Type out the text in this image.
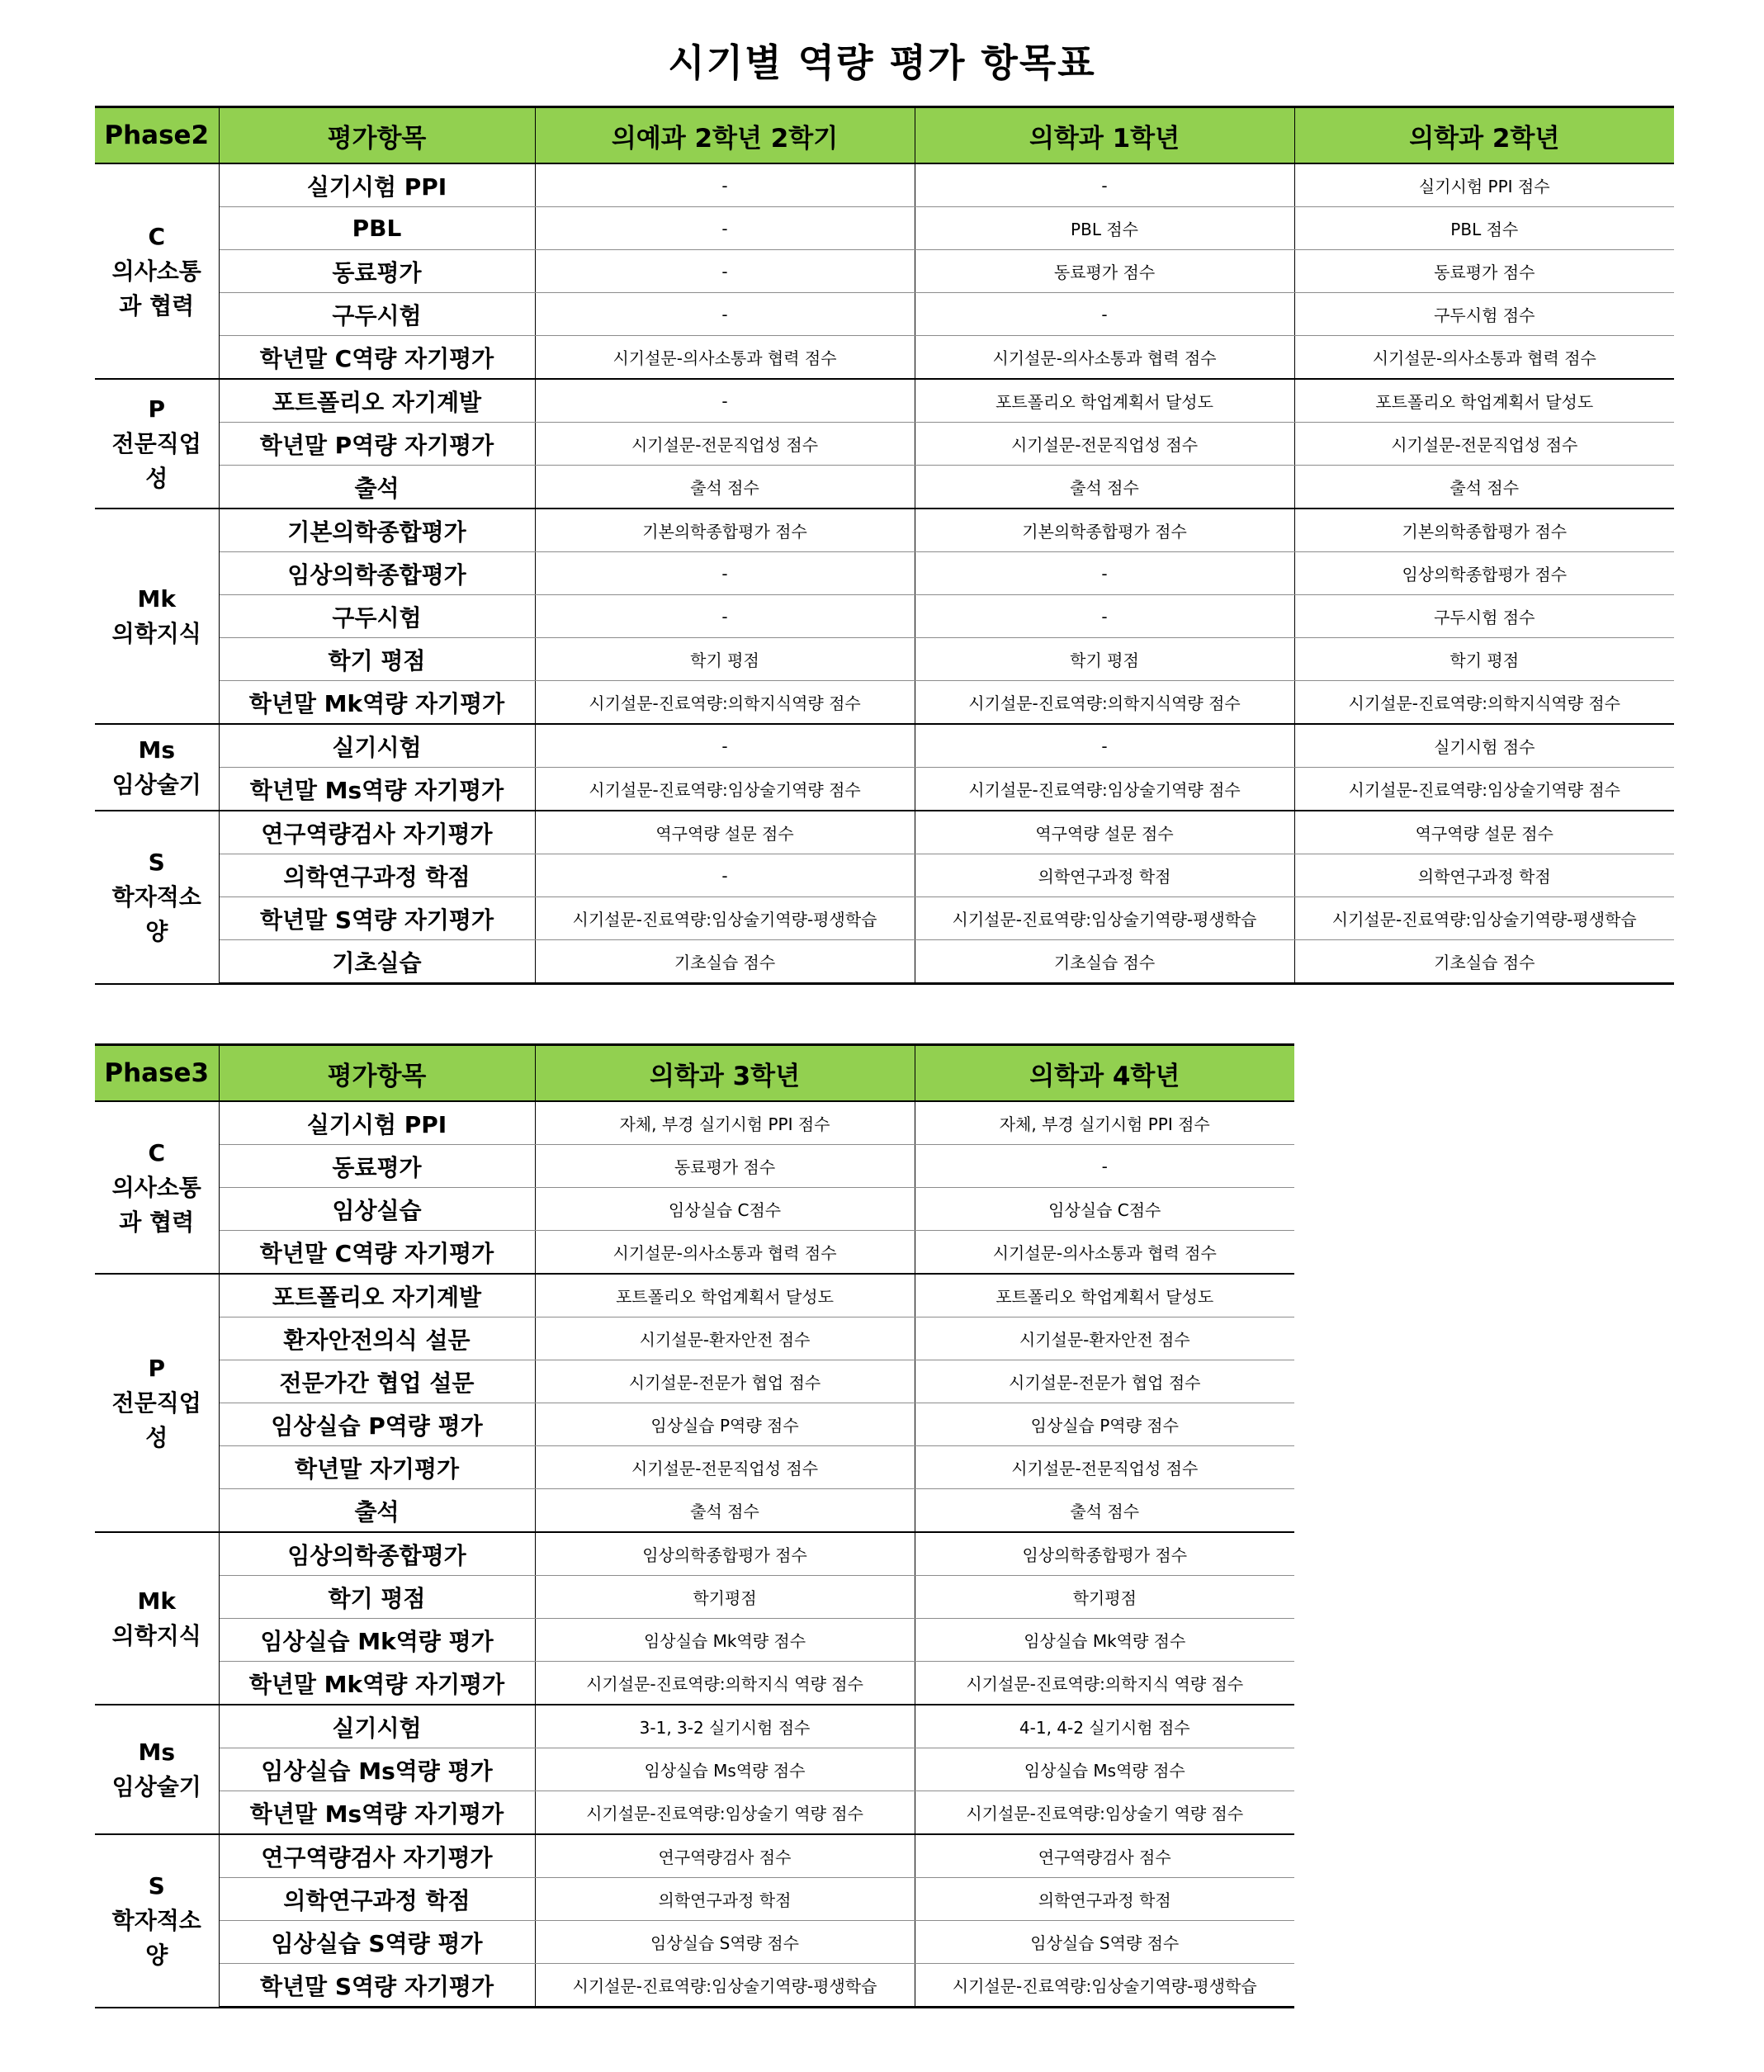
시기별 역량 평가 항목표
Phase2	평가항목	의예과 2학년 2학기	의학과 1학년	의학과 2학년

C
의사소통과 협력	실기시험 PPI	-	-	실기시험 PPI 점수
	PBL	-	PBL 점수	PBL 점수
	동료평가	-	동료평가 점수	동료평가 점수
	구두시험	-	-	구두시험 점수
	학년말 C역량 자기평가	시기설문-의사소통과 협력 점수	시기설문-의사소통과 협력 점수	시기설문-의사소통과 협력 점수

P
전문직업성	포트폴리오 자기계발	-	포트폴리오 학업계획서 달성도	포트폴리오 학업계획서 달성도
	학년말 P역량 자기평가	시기설문-전문직업성 점수	시기설문-전문직업성 점수	시기설문-전문직업성 점수
	출석	출석 점수	출석 점수	출석 점수

Mk
의학지식	기본의학종합평가	기본의학종합평가 점수	기본의학종합평가 점수	기본의학종합평가 점수
	임상의학종합평가	-	-	임상의학종합평가 점수
	구두시험	-	-	구두시험 점수
	학기 평점	학기 평점	학기 평점	학기 평점
	학년말 Mk역량 자기평가	시기설문-진료역량:의학지식역량 점수	시기설문-진료역량:의학지식역량 점수	시기설문-진료역량:의학지식역량 점수

Ms
임상술기	실기시험	-	-	실기시험 점수
	학년말 Ms역량 자기평가	시기설문-진료역량:임상술기역량 점수	시기설문-진료역량:임상술기역량 점수	시기설문-진료역량:임상술기역량 점수

S
학자적소양	연구역량검사 자기평가	역구역량 설문 점수	역구역량 설문 점수	역구역량 설문 점수
	의학연구과정 학점	-	의학연구과정 학점	의학연구과정 학점
	학년말 S역량 자기평가	시기설문-진료역량:임상술기역량-평생학습	시기설문-진료역량:임상술기역량-평생학습	시기설문-진료역량:임상술기역량-평생학습
	기초실습	기초실습 점수	기초실습 점수	기초실습 점수
Phase3	평가항목	의학과 3학년	의학과 4학년

C
의사소통과 협력	실기시험 PPI	자체, 부경 실기시험 PPI 점수	자체, 부경 실기시험 PPI 점수
	동료평가	동료평가 점수	-
	임상실습	임상실습 C점수	임상실습 C점수
	학년말 C역량 자기평가	시기설문-의사소통과 협력 점수	시기설문-의사소통과 협력 점수

P
전문직업성	포트폴리오 자기계발	포트폴리오 학업계획서 달성도	포트폴리오 학업계획서 달성도
	환자안전의식 설문	시기설문-환자안전 점수	시기설문-환자안전 점수
	전문가간 협업 설문	시기설문-전문가 협업 점수	시기설문-전문가 협업 점수
	임상실습 P역량 평가	임상실습 P역량 점수	임상실습 P역량 점수
	학년말 자기평가	시기설문-전문직업성 점수	시기설문-전문직업성 점수
	출석	출석 점수	출석 점수

Mk
의학지식	임상의학종합평가	임상의학종합평가 점수	임상의학종합평가 점수
	학기 평점	학기평점	학기평점
	임상실습 Mk역량 평가	임상실습 Mk역량 점수	임상실습 Mk역량 점수
	학년말 Mk역량 자기평가	시기설문-진료역량:의학지식 역량 점수	시기설문-진료역량:의학지식 역량 점수

Ms
임상술기	실기시험	3-1, 3-2 실기시험 점수	4-1, 4-2 실기시험 점수
	임상실습 Ms역량 평가	임상실습 Ms역량 점수	임상실습 Ms역량 점수
	학년말 Ms역량 자기평가	시기설문-진료역량:임상술기 역량 점수	시기설문-진료역량:임상술기 역량 점수

S
학자적소양	연구역량검사 자기평가	연구역량검사 점수	연구역량검사 점수
	의학연구과정 학점	의학연구과정 학점	의학연구과정 학점
	임상실습 S역량 평가	임상실습 S역량 점수	임상실습 S역량 점수
	학년말 S역량 자기평가	시기설문-진료역량:임상술기역량-평생학습	시기설문-진료역량:임상술기역량-평생학습
